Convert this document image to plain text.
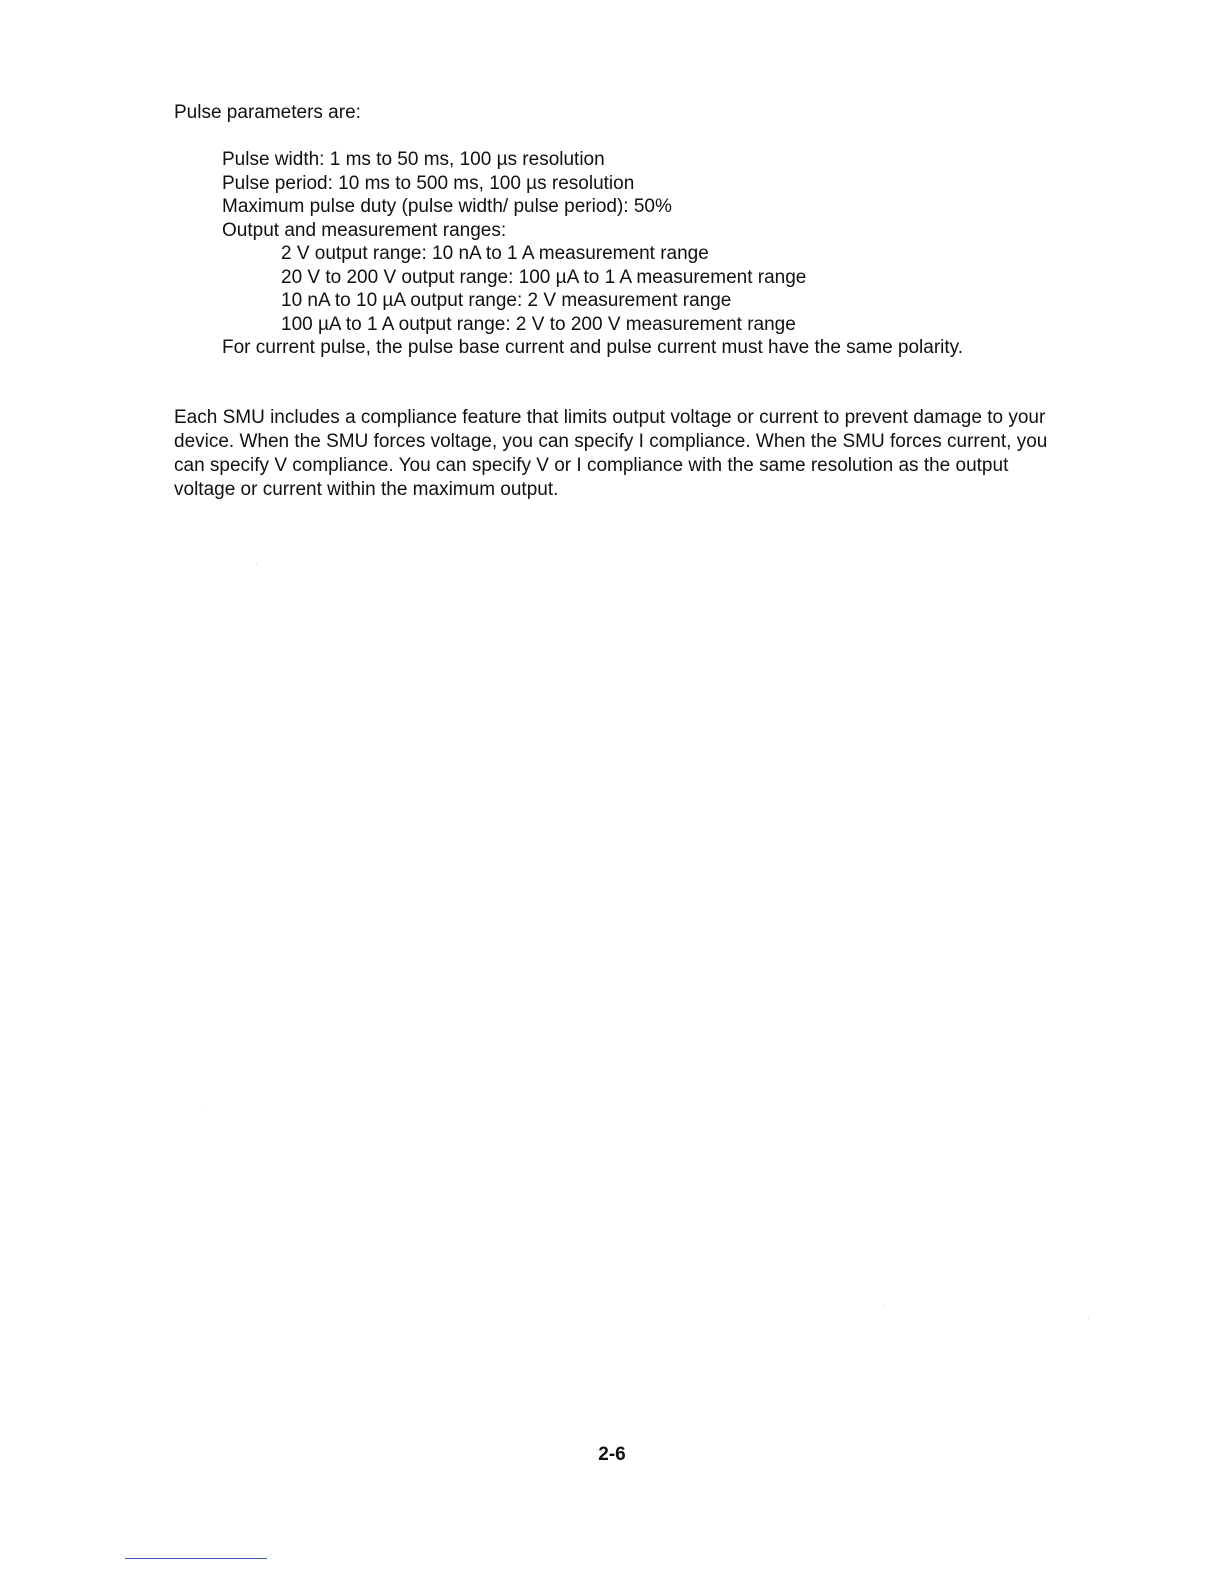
Pulse parameters are:

Pulse width: 1 ms to 50 ms, 100 µs resolution
Pulse period: 10 ms to 500 ms, 100 µs resolution
Maximum pulse duty (pulse width/ pulse period): 50%
Output and measurement ranges:
2 V output range: 10 nA to 1 A measurement range
20 V to 200 V output range: 100 µA to 1 A measurement range
10 nA to 10 µA output range: 2 V measurement range
100 µA to 1 A output range: 2 V to 200 V measurement range
For current pulse, the pulse base current and pulse current must have the same polarity.

Each SMU includes a compliance feature that limits output voltage or current to prevent damage to your device. When the SMU forces voltage, you can specify I compliance. When the SMU forces current, you can specify V compliance. You can specify V or I compliance with the same resolution as the output voltage or current within the maximum output.

2-6
